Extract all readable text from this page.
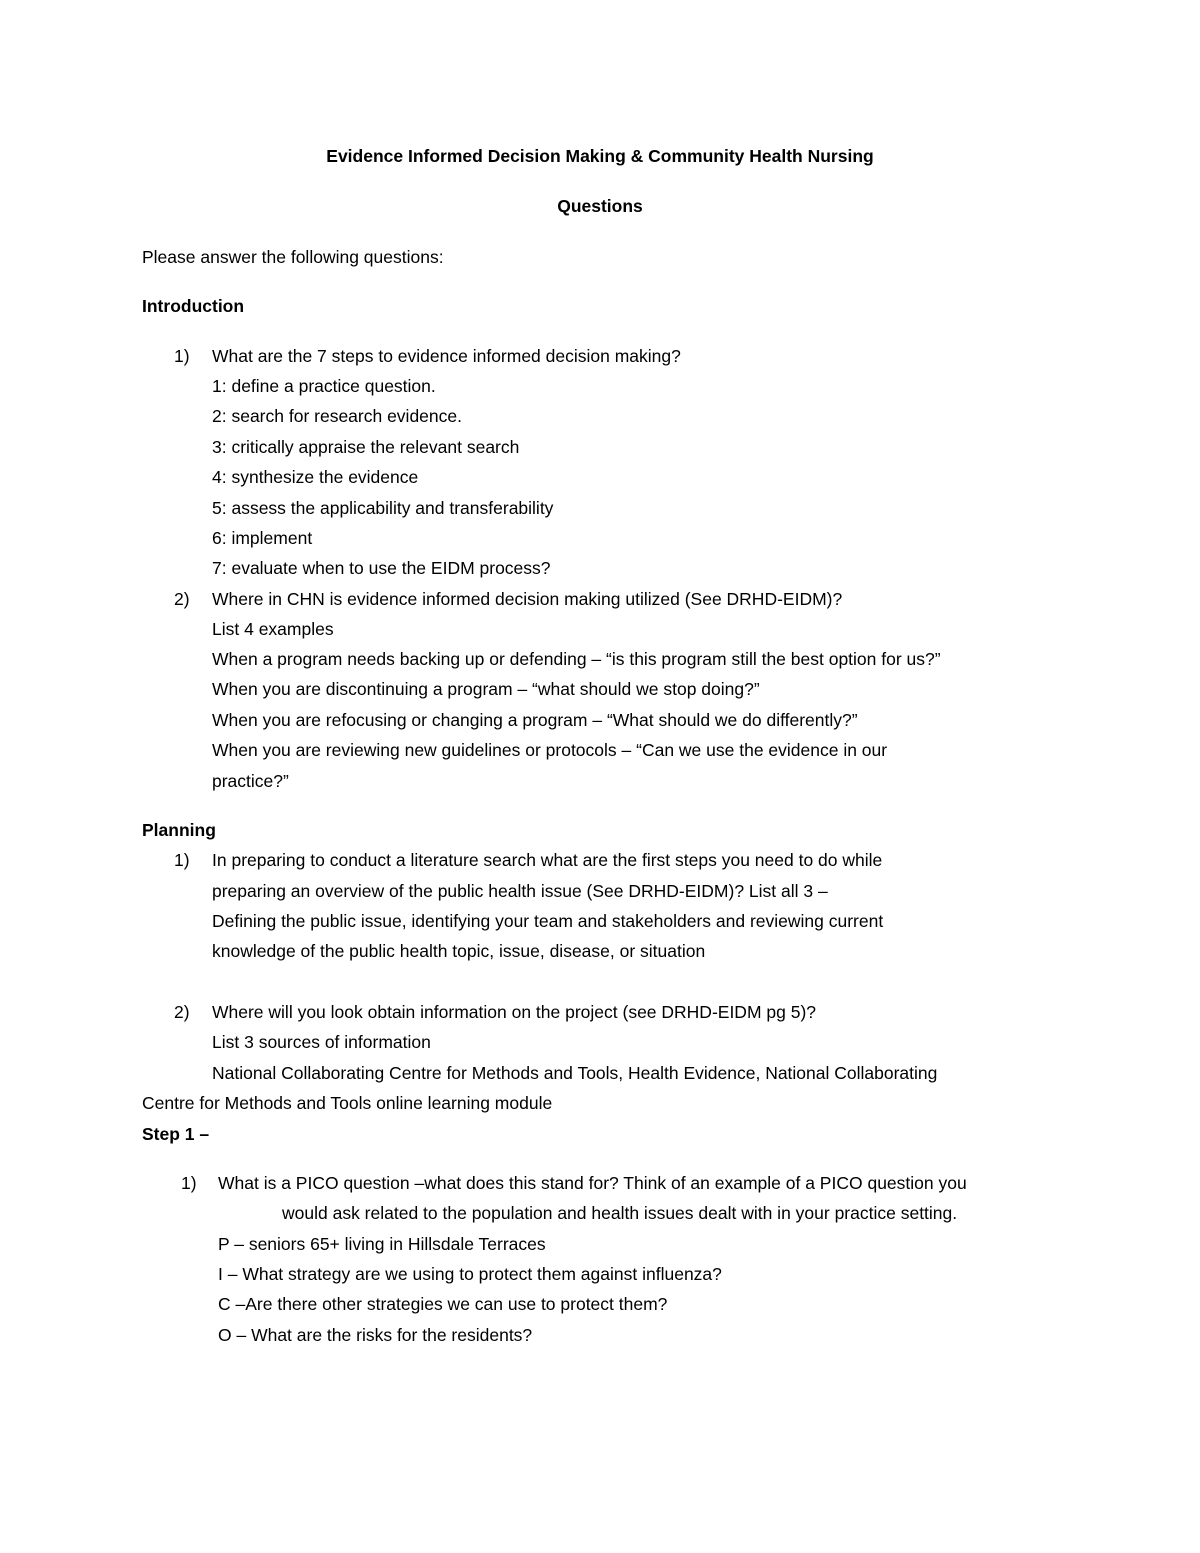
Evidence Informed Decision Making & Community Health Nursing
Questions
Please answer the following questions:
Introduction
1) What are the 7 steps to evidence informed decision making?
1: define a practice question.
2: search for research evidence.
3: critically appraise the relevant search
4: synthesize the evidence
5: assess the applicability and transferability
6: implement
7: evaluate when to use the EIDM process?
2) Where in CHN is evidence informed decision making utilized (See DRHD-EIDM)?
List 4 examples
When a program needs backing up or defending – “is this program still the best option for us?”
When you are discontinuing a program – “what should we stop doing?”
When you are refocusing or changing a program – “What should we do differently?”
When you are reviewing new guidelines or protocols – “Can we use the evidence in our
practice?”
Planning
1) In preparing to conduct a literature search what are the first steps you need to do while
preparing an overview of the public health issue (See DRHD-EIDM)? List all 3 –
Defining the public issue, identifying your team and stakeholders and reviewing current
knowledge of the public health topic, issue, disease, or situation
2) Where will you look obtain information on the project (see DRHD-EIDM pg 5)?
List 3 sources of information
National Collaborating Centre for Methods and Tools, Health Evidence, National Collaborating
Centre for Methods and Tools online learning module
Step 1 –
1) What is a PICO question –what does this stand for? Think of an example of a PICO question you
would ask related to the population and health issues dealt with in your practice setting.
P – seniors 65+ living in Hillsdale Terraces
I – What strategy are we using to protect them against influenza?
C –Are there other strategies we can use to protect them?
O – What are the risks for the residents?
